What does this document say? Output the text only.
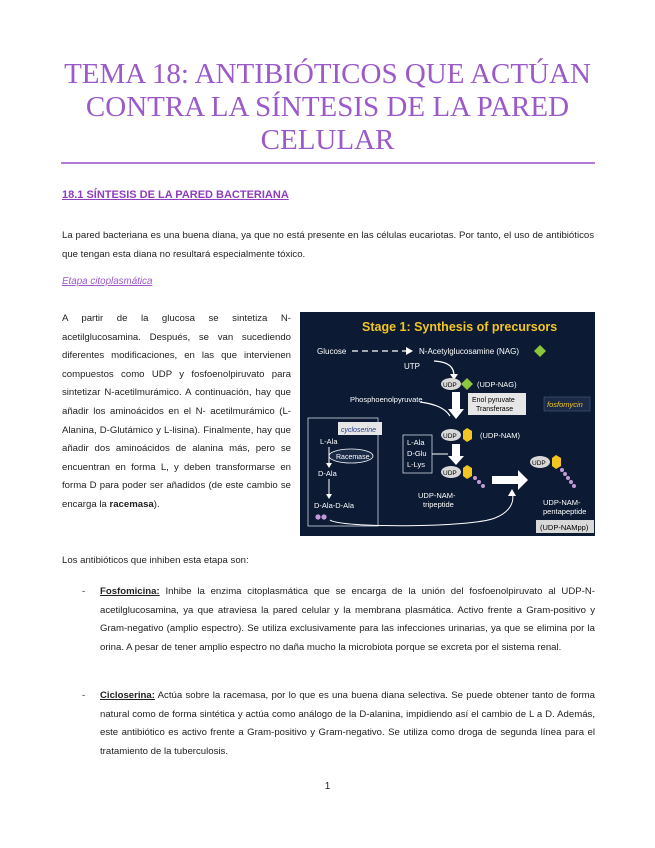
TEMA 18: ANTIBIÓTICOS QUE ACTÚAN
CONTRA LA SÍNTESIS DE LA PARED
CELULAR
18.1 SÍNTESIS DE LA PARED BACTERIANA
La pared bacteriana es una buena diana, ya que no está presente en las células eucariotas. Por tanto, el uso de antibióticos que tengan esta diana no resultará especialmente tóxico.
Etapa citoplasmática
A partir de la glucosa se sintetiza N-acetilglucosamina. Después, se van sucediendo diferentes modificaciones, en las que intervienen compuestos como UDP y fosfoenolpiruvato para sintetizar N-acetilmurámico. A continuación, hay que añadir los aminoácidos en el N- acetilmurámico (L-Alanina, D-Glutámico y L-lisina). Finalmente, hay que añadir dos aminoácidos de alanina más, pero se encuentran en forma L, y deben transformarse en forma D para poder ser añadidos (de este cambio se encarga la racemasa).
Stage 1: Synthesis of precursors
Glucose	N-Acetylglucosamine (NAG)
UTP
UDP	(UDP-NAG)
Phosphoenolpyruvate	Enol pyruvate
Transferase
fosfomycin
UDP	(UDP-NAM)
cycloserine
L-Ala
Racemase
D-Ala
D-Ala-D-Ala
L-Ala
D-Glu
L-Lys
UDP
UDP-NAM-
tripeptide
UDP
UDP-NAM-
pentapeptide
(UDP-NAMpp)
Los antibióticos que inhiben esta etapa son:
- Fosfomicina: Inhibe la enzima citoplasmática que se encarga de la unión del fosfoenolpiruvato al UDP-N-acetilglucosamina, ya que atraviesa la pared celular y la membrana plasmática. Activo frente a Gram-positivo y Gram-negativo (amplio espectro). Se utiliza exclusivamente para las infecciones urinarias, ya que se elimina por la orina. A pesar de tener amplio espectro no daña mucho la microbiota porque se excreta por el sistema renal.
- Cicloserina: Actúa sobre la racemasa, por lo que es una buena diana selectiva. Se puede obtener tanto de forma natural como de forma sintética y actúa como análogo de la D-alanina, impidiendo así el cambio de L a D. Además, este antibiótico es activo frente a Gram-positivo y Gram-negativo. Se utiliza como droga de segunda línea para el tratamiento de la tuberculosis.
1
